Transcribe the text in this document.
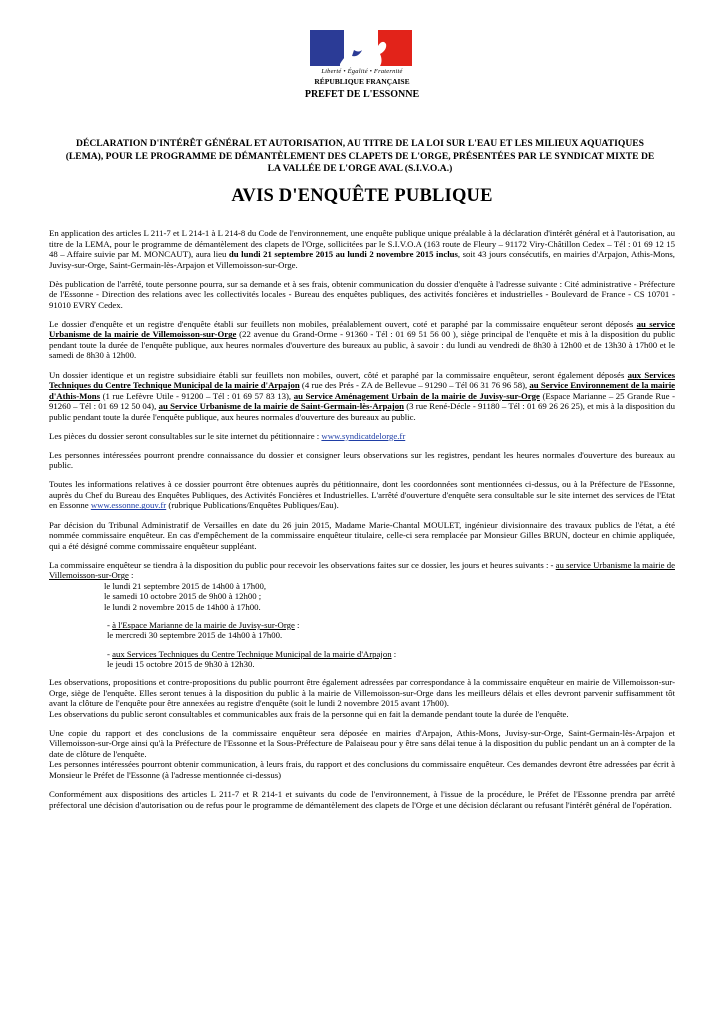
Liberté • Égalité • Fraternité
RÉPUBLIQUE FRANÇAISE
PREFET DE L'ESSONNE
DÉCLARATION D'INTÉRÊT GÉNÉRAL ET AUTORISATION, AU TITRE DE LA LOI SUR L'EAU ET LES MILIEUX AQUATIQUES (LEMA), POUR LE PROGRAMME DE DÉMANTÈLEMENT DES CLAPETS DE L'ORGE, PRÉSENTÉES PAR LE SYNDICAT MIXTE DE LA VALLÉE DE L'ORGE AVAL (S.I.V.O.A.)
AVIS D'ENQUÊTE PUBLIQUE

En application des articles L 211-7 et L 214-1 à L 214-8 du Code de l'environnement, une enquête publique unique préalable à la déclaration d'intérêt général et à l'autorisation, au titre de la LEMA, pour le programme de démantèlement des clapets de l'Orge, sollicitées par le S.I.V.O.A (163 route de Fleury – 91172 Viry-Châtillon Cedex – Tél : 01 69 12 15 48 – Affaire suivie par M. MONCAUT), aura lieu du lundi 21 septembre 2015 au lundi 2 novembre 2015 inclus, soit 43 jours consécutifs, en mairies d'Arpajon, Athis-Mons, Juvisy-sur-Orge, Saint-Germain-lès-Arpajon et Villemoisson-sur-Orge.

Dès publication de l'arrêté, toute personne pourra, sur sa demande et à ses frais, obtenir communication du dossier d'enquête à l'adresse suivante : Cité administrative - Préfecture de l'Essonne - Direction des relations avec les collectivités locales - Bureau des enquêtes publiques, des activités foncières et industrielles - Boulevard de France - CS 10701 - 91010 EVRY Cedex.

Le dossier d'enquête et un registre d'enquête établi sur feuillets non mobiles, préalablement ouvert, coté et paraphé par la commissaire enquêteur seront déposés au service Urbanisme de la mairie de Villemoisson-sur-Orge (22 avenue du Grand-Orme - 91360 - Tél : 01 69 51 56 00 ), siège principal de l'enquête et mis à la disposition du public pendant toute la durée de l'enquête publique, aux heures normales d'ouverture des bureaux au public, à savoir : du lundi au vendredi de 8h30 à 12h00 et de 13h30 à 17h00 et le samedi de 8h30 à 12h00.

Un dossier identique et un registre subsidiaire établi sur feuillets non mobiles, ouvert, côté et paraphé par la commissaire enquêteur, seront également déposés aux Services Techniques du Centre Technique Municipal de la mairie d'Arpajon (4 rue des Prés - ZA de Bellevue – 91290 – Tél 06 31 76 96 58), au Service Environnement de la mairie d'Athis-Mons (1 rue Lefèvre Utile - 91200 – Tél : 01 69 57 83 13), au Service Aménagement Urbain de la mairie de Juvisy-sur-Orge (Espace Marianne – 25 Grande Rue - 91260 – Tél : 01 69 12 50 04), au Service Urbanisme de la mairie de Saint-Germain-lès-Arpajon (3 rue René-Décle - 91180 – Tél : 01 69 26 26 25), et mis à la disposition du public pendant toute la durée l'enquête publique, aux heures normales d'ouverture des bureaux au public.

Les pièces du dossier seront consultables sur le site internet du pétitionnaire : www.syndicatdelorge.fr

Les personnes intéressées pourront prendre connaissance du dossier et consigner leurs observations sur les registres, pendant les heures normales d'ouverture des bureaux au public.

Toutes les informations relatives à ce dossier pourront être obtenues auprès du pétitionnaire, dont les coordonnées sont mentionnées ci-dessus, ou à la Préfecture de l'Essonne, auprès du Chef du Bureau des Enquêtes Publiques, des Activités Foncières et Industrielles. L'arrêté d'ouverture d'enquête sera consultable sur le site internet des services de l'Etat en Essonne www.essonne.gouv.fr (rubrique Publications/Enquêtes Publiques/Eau).

Par décision du Tribunal Administratif de Versailles en date du 26 juin 2015, Madame Marie-Chantal MOULET, ingénieur divisionnaire des travaux publics de l'état, a été nommée commissaire enquêteur. En cas d'empêchement de la commissaire enquêteur titulaire, celle-ci sera remplacée par Monsieur Gilles BRUN, docteur en chimie appliquée, qui a été désigné comme commissaire enquêteur suppléant.

La commissaire enquêteur se tiendra à la disposition du public pour recevoir les observations faites sur ce dossier, les jours et heures suivants : - au service Urbanisme la mairie de Villemoisson-sur-Orge :

le lundi 21 septembre 2015 de 14h00 à 17h00,

le samedi 10 octobre 2015 de 9h00 à 12h00 ;

le lundi 2 novembre 2015 de 14h00 à 17h00.

- à l'Espace Marianne de la mairie de Juvisy-sur-Orge :

le mercredi 30 septembre 2015 de 14h00 à 17h00.

- aux Services Techniques du Centre Technique Municipal de la mairie d'Arpajon :

le jeudi 15 octobre 2015 de 9h30 à 12h30.

Les observations, propositions et contre-propositions du public pourront être également adressées par correspondance à la commissaire enquêteur en mairie de Villemoisson-sur-Orge, siège de l'enquête. Elles seront tenues à la disposition du public à la mairie de Villemoisson-sur-Orge dans les meilleurs délais et elles devront parvenir suffisamment tôt avant la clôture de l'enquête pour être annexées au registre d'enquête (soit le lundi 2 novembre 2015 avant 17h00).

Les observations du public seront consultables et communicables aux frais de la personne qui en fait la demande pendant toute la durée de l'enquête.

Une copie du rapport et des conclusions de la commissaire enquêteur sera déposée en mairies d'Arpajon, Athis-Mons, Juvisy-sur-Orge, Saint-Germain-lès-Arpajon et Villemoisson-sur-Orge ainsi qu'à la Préfecture de l'Essonne et la Sous-Préfecture de Palaiseau pour y être sans délai tenue à la disposition du public pendant un an à compter de la date de clôture de l'enquête.

Les personnes intéressées pourront obtenir communication, à leurs frais, du rapport et des conclusions du commissaire enquêteur. Ces demandes devront être adressées par écrit à Monsieur le Préfet de l'Essonne (à l'adresse mentionnée ci-dessus)

Conformément aux dispositions des articles L 211-7 et R 214-1 et suivants du code de l'environnement, à l'issue de la procédure, le Préfet de l'Essonne prendra par arrêté préfectoral une décision d'autorisation ou de refus pour le programme de démantèlement des clapets de l'Orge et une décision déclarant ou refusant l'intérêt général de l'opération.
